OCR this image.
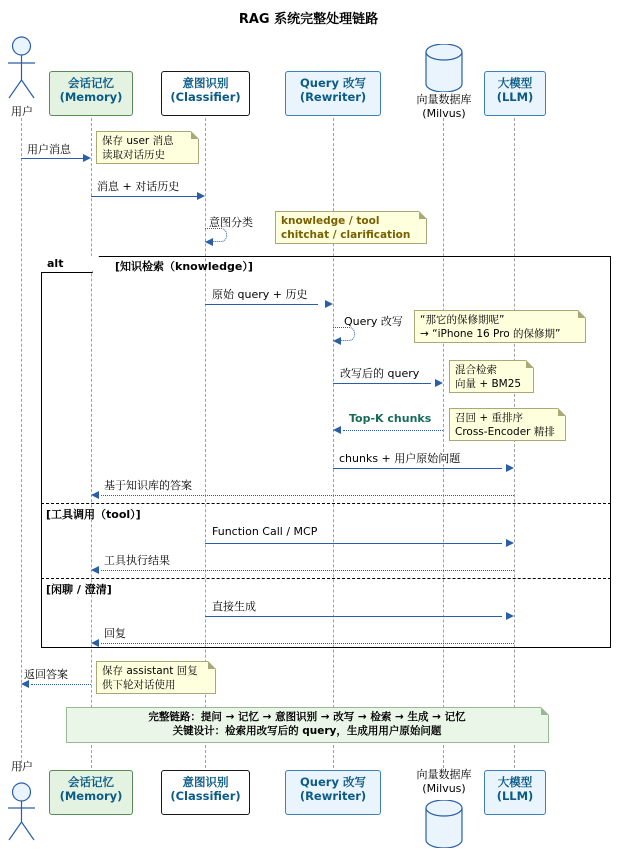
RAG 系统完整处理链路
用户
会话记忆
(Memory)
意图识别
(Classifier)
Query 改写
(Rewriter)	向量数据库
(Milvus)
大模型
(LLM)
用户消息
保存 user 消息
读取对话历史
消息 + 对话历史
意图分类	knowledge / tool
chitchat / clarification
alt	[知识检索（knowledge）]
原始 query + 历史
Query 改写	“那它的保修期呢”
→ “iPhone 16 Pro 的保修期”
改写后的 query	混合检索
向量 + BM25
Top-K chunks	召回 + 重排序
Cross-Encoder 精排
chunks + 用户原始问题
基于知识库的答案
[工具调用（tool）]
Function Call / MCP
工具执行结果
[闲聊 / 澄清]
直接生成
回复
返回答案	保存 assistant 回复
供下轮对话使用
完整链路：提问 → 记忆 → 意图识别 → 改写 → 检索 → 生成 → 记忆
关键设计：检索用改写后的 query，生成用用户原始问题
用户
会话记忆
(Memory)
意图识别
(Classifier)
Query 改写
(Rewriter)
向量数据库
(Milvus)	大模型
(LLM)
